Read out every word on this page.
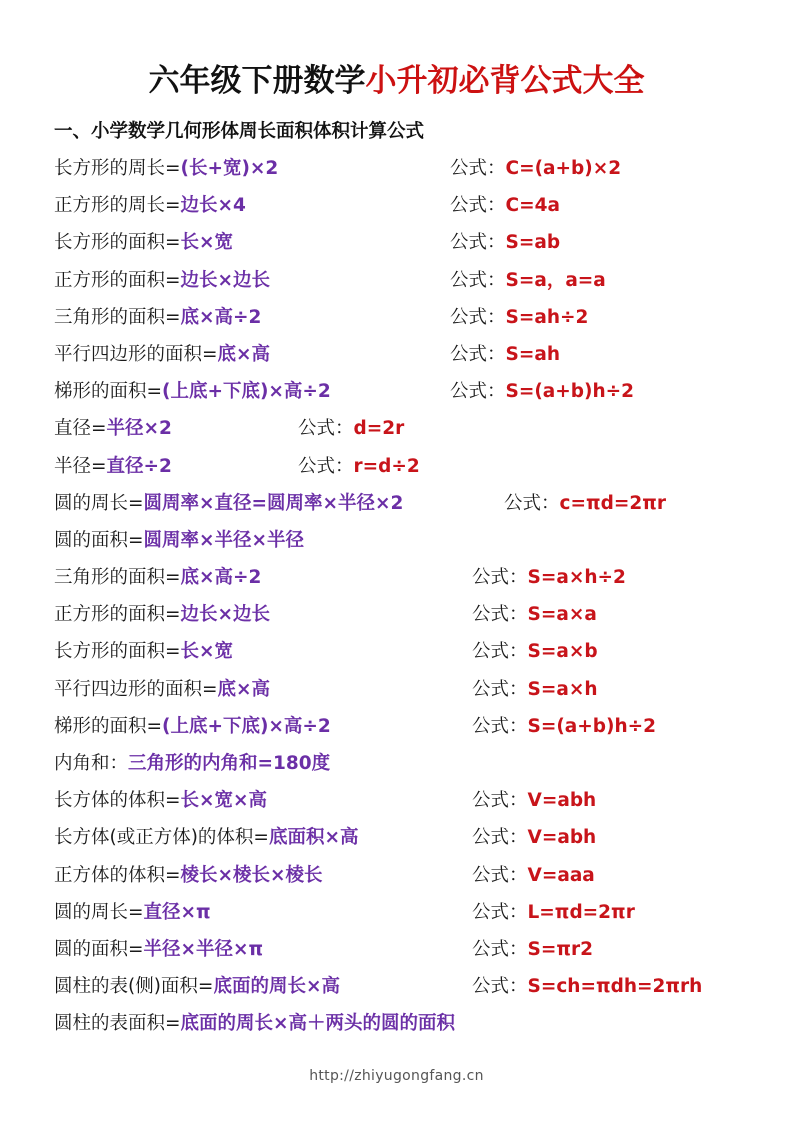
六年级下册数学小升初必背公式大全
一、小学数学几何形体周长面积体积计算公式
长方形的周长=(长+宽)×2	公式：C=(a+b)×2
正方形的周长=边长×4	公式：C=4a
长方形的面积=长×宽	公式：S=ab
正方形的面积=边长×边长	公式：S=a，a=a
三角形的面积=底×高÷2	公式：S=ah÷2
平行四边形的面积=底×高	公式：S=ah
梯形的面积=(上底+下底)×高÷2	公式：S=(a+b)h÷2
直径=半径×2	公式：d=2r
半径=直径÷2	公式：r=d÷2
圆的周长=圆周率×直径=圆周率×半径×2	公式：c=πd=2πr
圆的面积=圆周率×半径×半径
三角形的面积=底×高÷2	公式：S=a×h÷2
正方形的面积=边长×边长	公式：S=a×a
长方形的面积=长×宽	公式：S=a×b
平行四边形的面积=底×高	公式：S=a×h
梯形的面积=(上底+下底)×高÷2	公式：S=(a+b)h÷2
内角和：三角形的内角和=180度
长方体的体积=长×宽×高	公式：V=abh
长方体(或正方体)的体积=底面积×高	公式：V=abh
正方体的体积=棱长×棱长×棱长	公式：V=aaa
圆的周长=直径×π	公式：L=πd=2πr
圆的面积=半径×半径×π	公式：S=πr2
圆柱的表(侧)面积=底面的周长×高	公式：S=ch=πdh=2πrh
圆柱的表面积=底面的周长×高＋两头的圆的面积
http://zhiyugongfang.cn
